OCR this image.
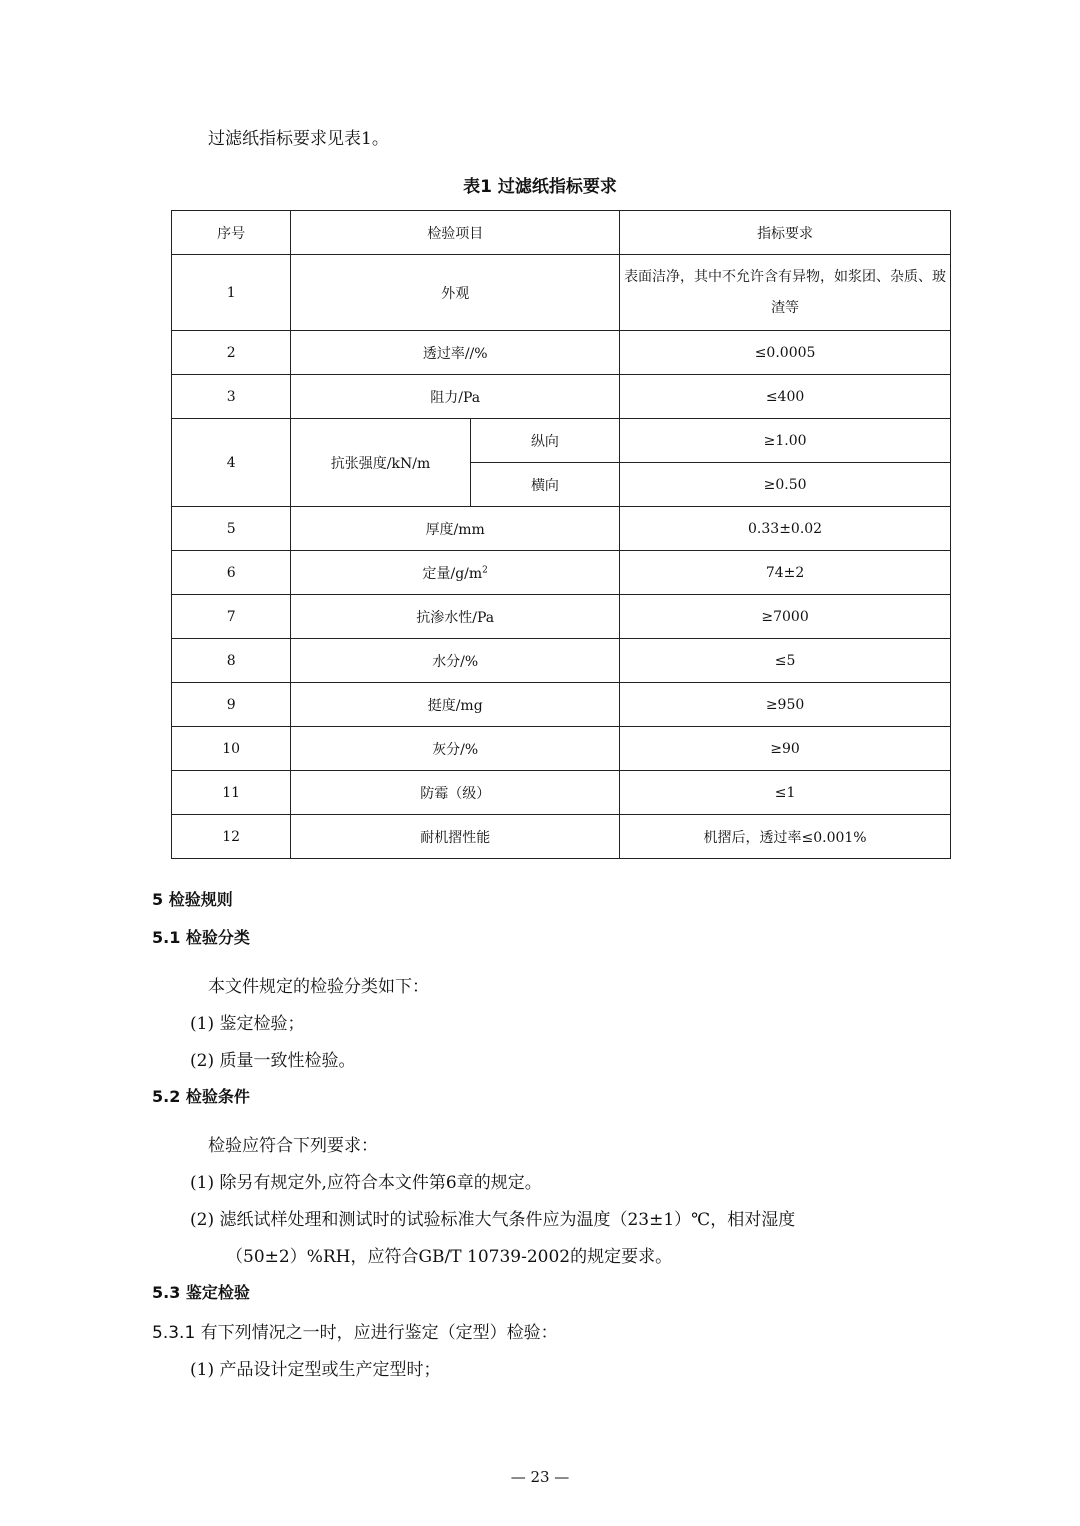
过滤纸指标要求见表1。
表1 过滤纸指标要求
序号	检验项目		指标要求
1	外观		表面洁净，其中不允许含有异物，如浆团、杂质、玻渣等
2	透过率//%		≤0.0005
3	阻力/Pa		≤400
4	抗张强度/kN/m	纵向	≥1.00
		横向	≥0.50
5	厚度/mm		0.33±0.02
6	定量$/g/m^2$		74±2
7	抗渗水性/Pa		≥7000
8	水分/%		≤5
9	挺度/mg		≥950
10	灰分/%		≥90
11	防霉（级）		≤1
12	耐机摺性能		机摺后，透过率≤0.001%
5 检验规则
5.1 检验分类
本文件规定的检验分类如下：
(1) 鉴定检验；
(2) 质量一致性检验。
5.2 检验条件
检验应符合下列要求：
(1) 除另有规定外,应符合本文件第6章的规定。
(2) 滤纸试样处理和测试时的试验标准大气条件应为温度（23±1）℃，相对湿度
（50±2）%RH，应符合GB/T 10739-2002的规定要求。
5.3 鉴定检验
5.3.1 有下列情况之一时，应进行鉴定（定型）检验：
(1) 产品设计定型或生产定型时；
— 23 —
